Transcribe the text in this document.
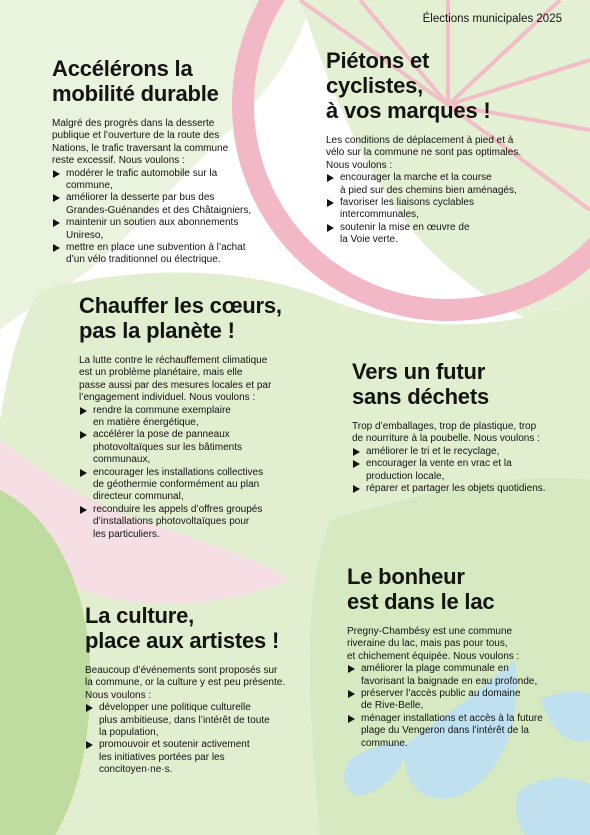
Élections municipales 2025
Accélérons la
mobilité durable

Malgré des progrès dans la desserte
publique et l’ouverture de la route des
Nations, le trafic traversant la commune
reste excessif. Nous voulons :

modérer le trafic automobile sur la
commune,
améliorer la desserte par bus des
Grandes-Guénandes et des Châtaigniers,
maintenir un soutien aux abonnements
Unireso,
mettre en place une subvention à l’achat
d’un vélo traditionnel ou électrique.
Piétons et
cyclistes,
à vos marques !

Les conditions de déplacement à pied et à
vélo sur la commune ne sont pas optimales.
Nous voulons :

encourager la marche et la course
à pied sur des chemins bien aménagés,
favoriser les liaisons cyclables
intercommunales,
soutenir la mise en œuvre de
la Voie verte.
Chauffer les cœurs,
pas la planète !

La lutte contre le réchauffement climatique
est un problème planétaire, mais elle
passe aussi par des mesures locales et par
l’engagement individuel. Nous voulons :

rendre la commune exemplaire
en matière énergétique,
accélérer la pose de panneaux
photovoltaïques sur les bâtiments
communaux,
encourager les installations collectives
de géothermie conformément au plan
directeur communal,
reconduire les appels d’offres groupés
d’installations photovoltaïques pour
les particuliers.
Vers un futur
sans déchets

Trop d’emballages, trop de plastique, trop
de nourriture à la poubelle. Nous voulons :

améliorer le tri et le recyclage,
encourager la vente en vrac et la
production locale,
réparer et partager les objets quotidiens.
Le bonheur
est dans le lac

Pregny-Chambésy est une commune
riveraine du lac, mais pas pour tous,
et chichement équipée. Nous voulons :

améliorer la plage communale en
favorisant la baignade en eau profonde,
préserver l’accès public au domaine
de Rive-Belle,
ménager installations et accès à la future
plage du Vengeron dans l’intérêt de la
commune.
La culture,
place aux artistes !

Beaucoup d’événements sont proposés sur
la commune, or la culture y est peu présente.
Nous voulons :

développer une politique culturelle
plus ambitieuse, dans l’intérêt de toute
la population,
promouvoir et soutenir activement
les initiatives portées par les
concitoyen·ne·s.
